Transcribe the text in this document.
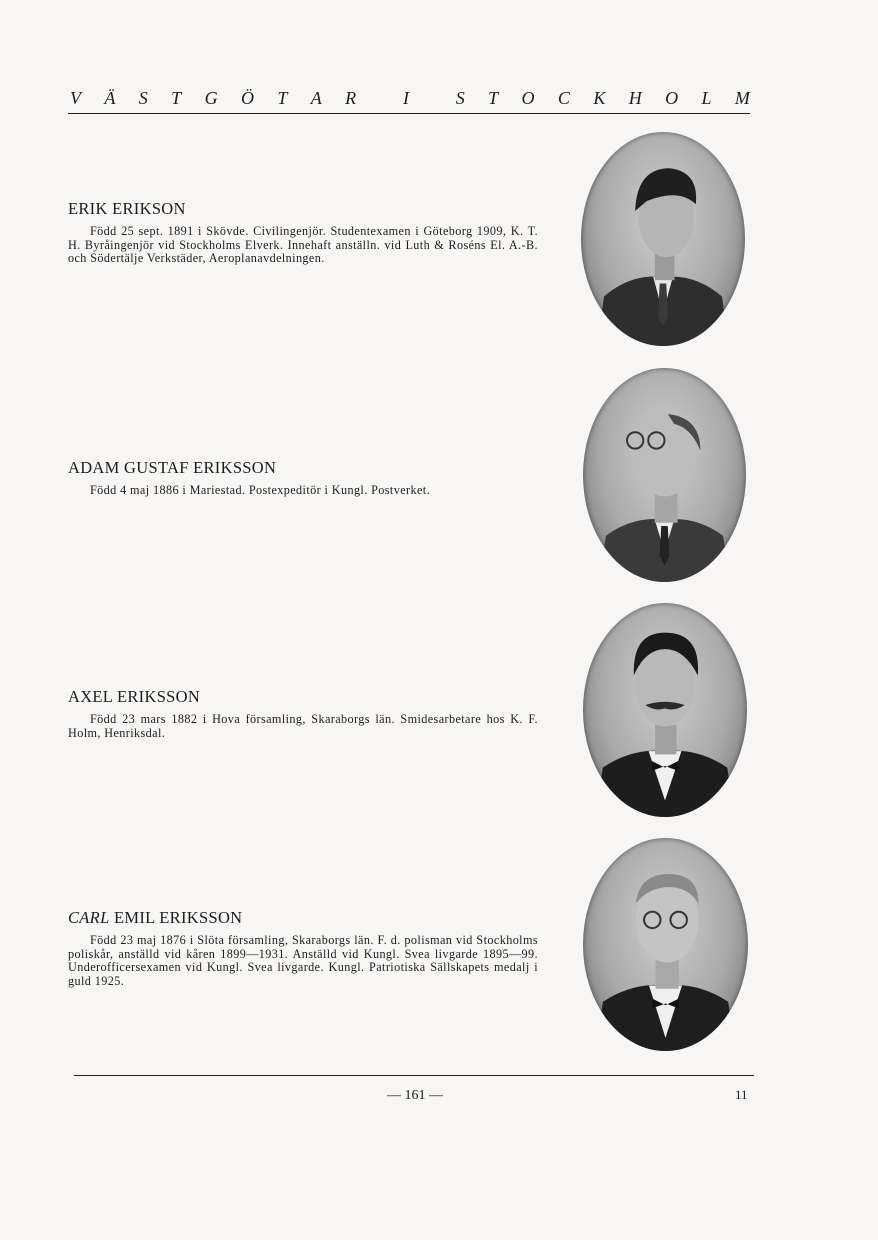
V Ä S T G Ö T A R	I	S T O C K H O L M
ERIK ERIKSON

Född 25 sept. 1891 i Skövde. Civilingenjör. Studentexamen i Göteborg 1909, K. T. H. Byråingenjör vid Stockholms Elverk. Innehaft anställn. vid Luth & Roséns El. A.-B. och Södertälje Verkstäder, Aeroplanavdelningen.

ADAM GUSTAF ERIKSSON

Född 4 maj 1886 i Mariestad. Postexpeditör i Kungl. Postverket.

AXEL ERIKSSON

Född 23 mars 1882 i Hova församling, Skaraborgs län. Smidesarbetare hos K. F. Holm, Henriksdal.

CARL EMIL ERIKSSON

Född 23 maj 1876 i Slöta församling, Skaraborgs län. F. d. polisman vid Stockholms poliskår, anställd vid kåren 1899—1931. Anställd vid Kungl. Svea livgarde 1895—99. Underofficersexamen vid Kungl. Svea livgarde. Kungl. Patriotiska Sällskapets medalj i guld 1925.

— 161 —	11
